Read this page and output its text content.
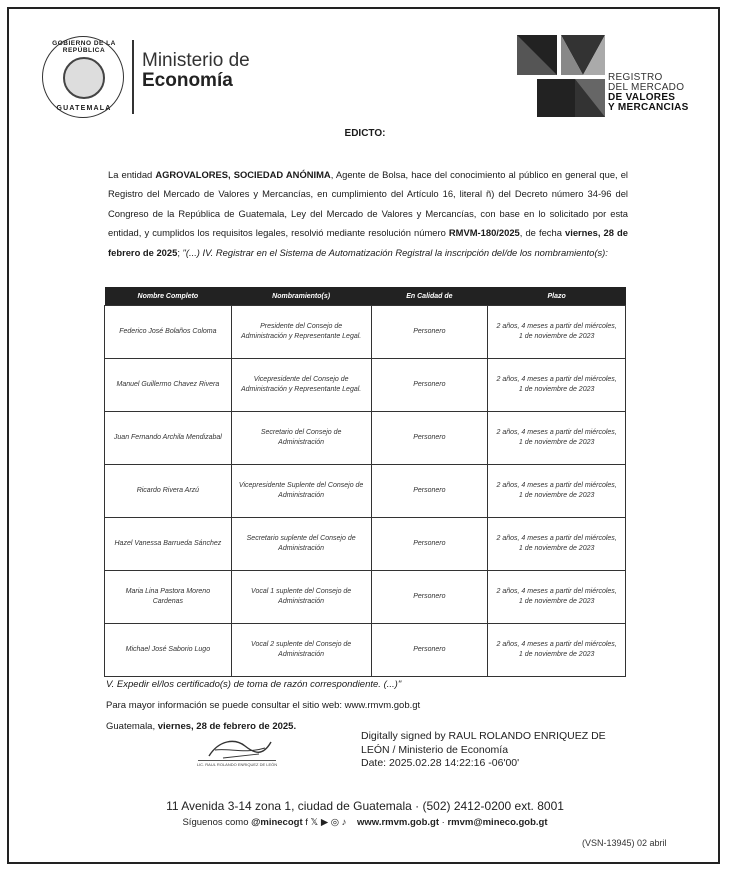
GOBIERNO DE LA REPÚBLICA
GUATEMALA
Ministerio de
Economía	REGISTRO
DEL MERCADO
DE VALORES
Y MERCANCIAS
EDICTO:
La entidad AGROVALORES, SOCIEDAD ANÓNIMA, Agente de Bolsa, hace del conocimiento al público en general que, el Registro del Mercado de Valores y Mercancías, en cumplimiento del Artículo 16, literal ñ) del Decreto número 34-96 del Congreso de la República de Guatemala, Ley del Mercado de Valores y Mercancías, con base en lo solicitado por esta entidad, y cumplidos los requisitos legales, resolvió mediante resolución número RMVM-180/2025, de fecha viernes, 28 de febrero de 2025; "(...) IV. Registrar en el Sistema de Automatización Registral la inscripción del/de los nombramiento(s):
Nombre Completo	Nombramiento(s)	En Calidad de	Plazo
Federico José Bolaños Coloma	Presidente del Consejo de Administración y Representante Legal.	Personero	2 años, 4 meses a partir del miércoles, 1 de noviembre de 2023
Manuel Guillermo Chavez Rivera	Vicepresidente del Consejo de Administración y Representante Legal.	Personero	2 años, 4 meses a partir del miércoles, 1 de noviembre de 2023
Juan Fernando Archila Mendizabal	Secretario del Consejo de Administración	Personero	2 años, 4 meses a partir del miércoles, 1 de noviembre de 2023
Ricardo Rivera Arzú	Vicepresidente Suplente del Consejo de Administración	Personero	2 años, 4 meses a partir del miércoles, 1 de noviembre de 2023
Hazel Vanessa Barrueda Sánchez	Secretario suplente del Consejo de Administración	Personero	2 años, 4 meses a partir del miércoles, 1 de noviembre de 2023
Maria Lina Pastora Moreno Cardenas	Vocal 1 suplente del Consejo de Administración	Personero	2 años, 4 meses a partir del miércoles, 1 de noviembre de 2023
Michael José Saborio Lugo	Vocal 2 suplente del Consejo de Administración	Personero	2 años, 4 meses a partir del miércoles, 1 de noviembre de 2023
V. Expedir el/los certificado(s) de toma de razón correspondiente. (...)"
Para mayor información se puede consultar el sitio web: www.rmvm.gob.gt
Guatemala, viernes, 28 de febrero de 2025.
LIC. RAUL ROLANDO ENRIQUEZ DE LEÓN
Digitally signed by RAUL ROLANDO ENRIQUEZ DE
LEÓN / Ministerio de Economía
Date: 2025.02.28 14:22:16 -06'00'
11 Avenida 3-14 zona 1, ciudad de Guatemala · (502) 2412-0200 ext. 8001
Síguenos como @minecogt f 𝕏 ▶ ◎ ♪ www.rmvm.gob.gt · rmvm@mineco.gob.gt
(VSN-13945) 02 abril
